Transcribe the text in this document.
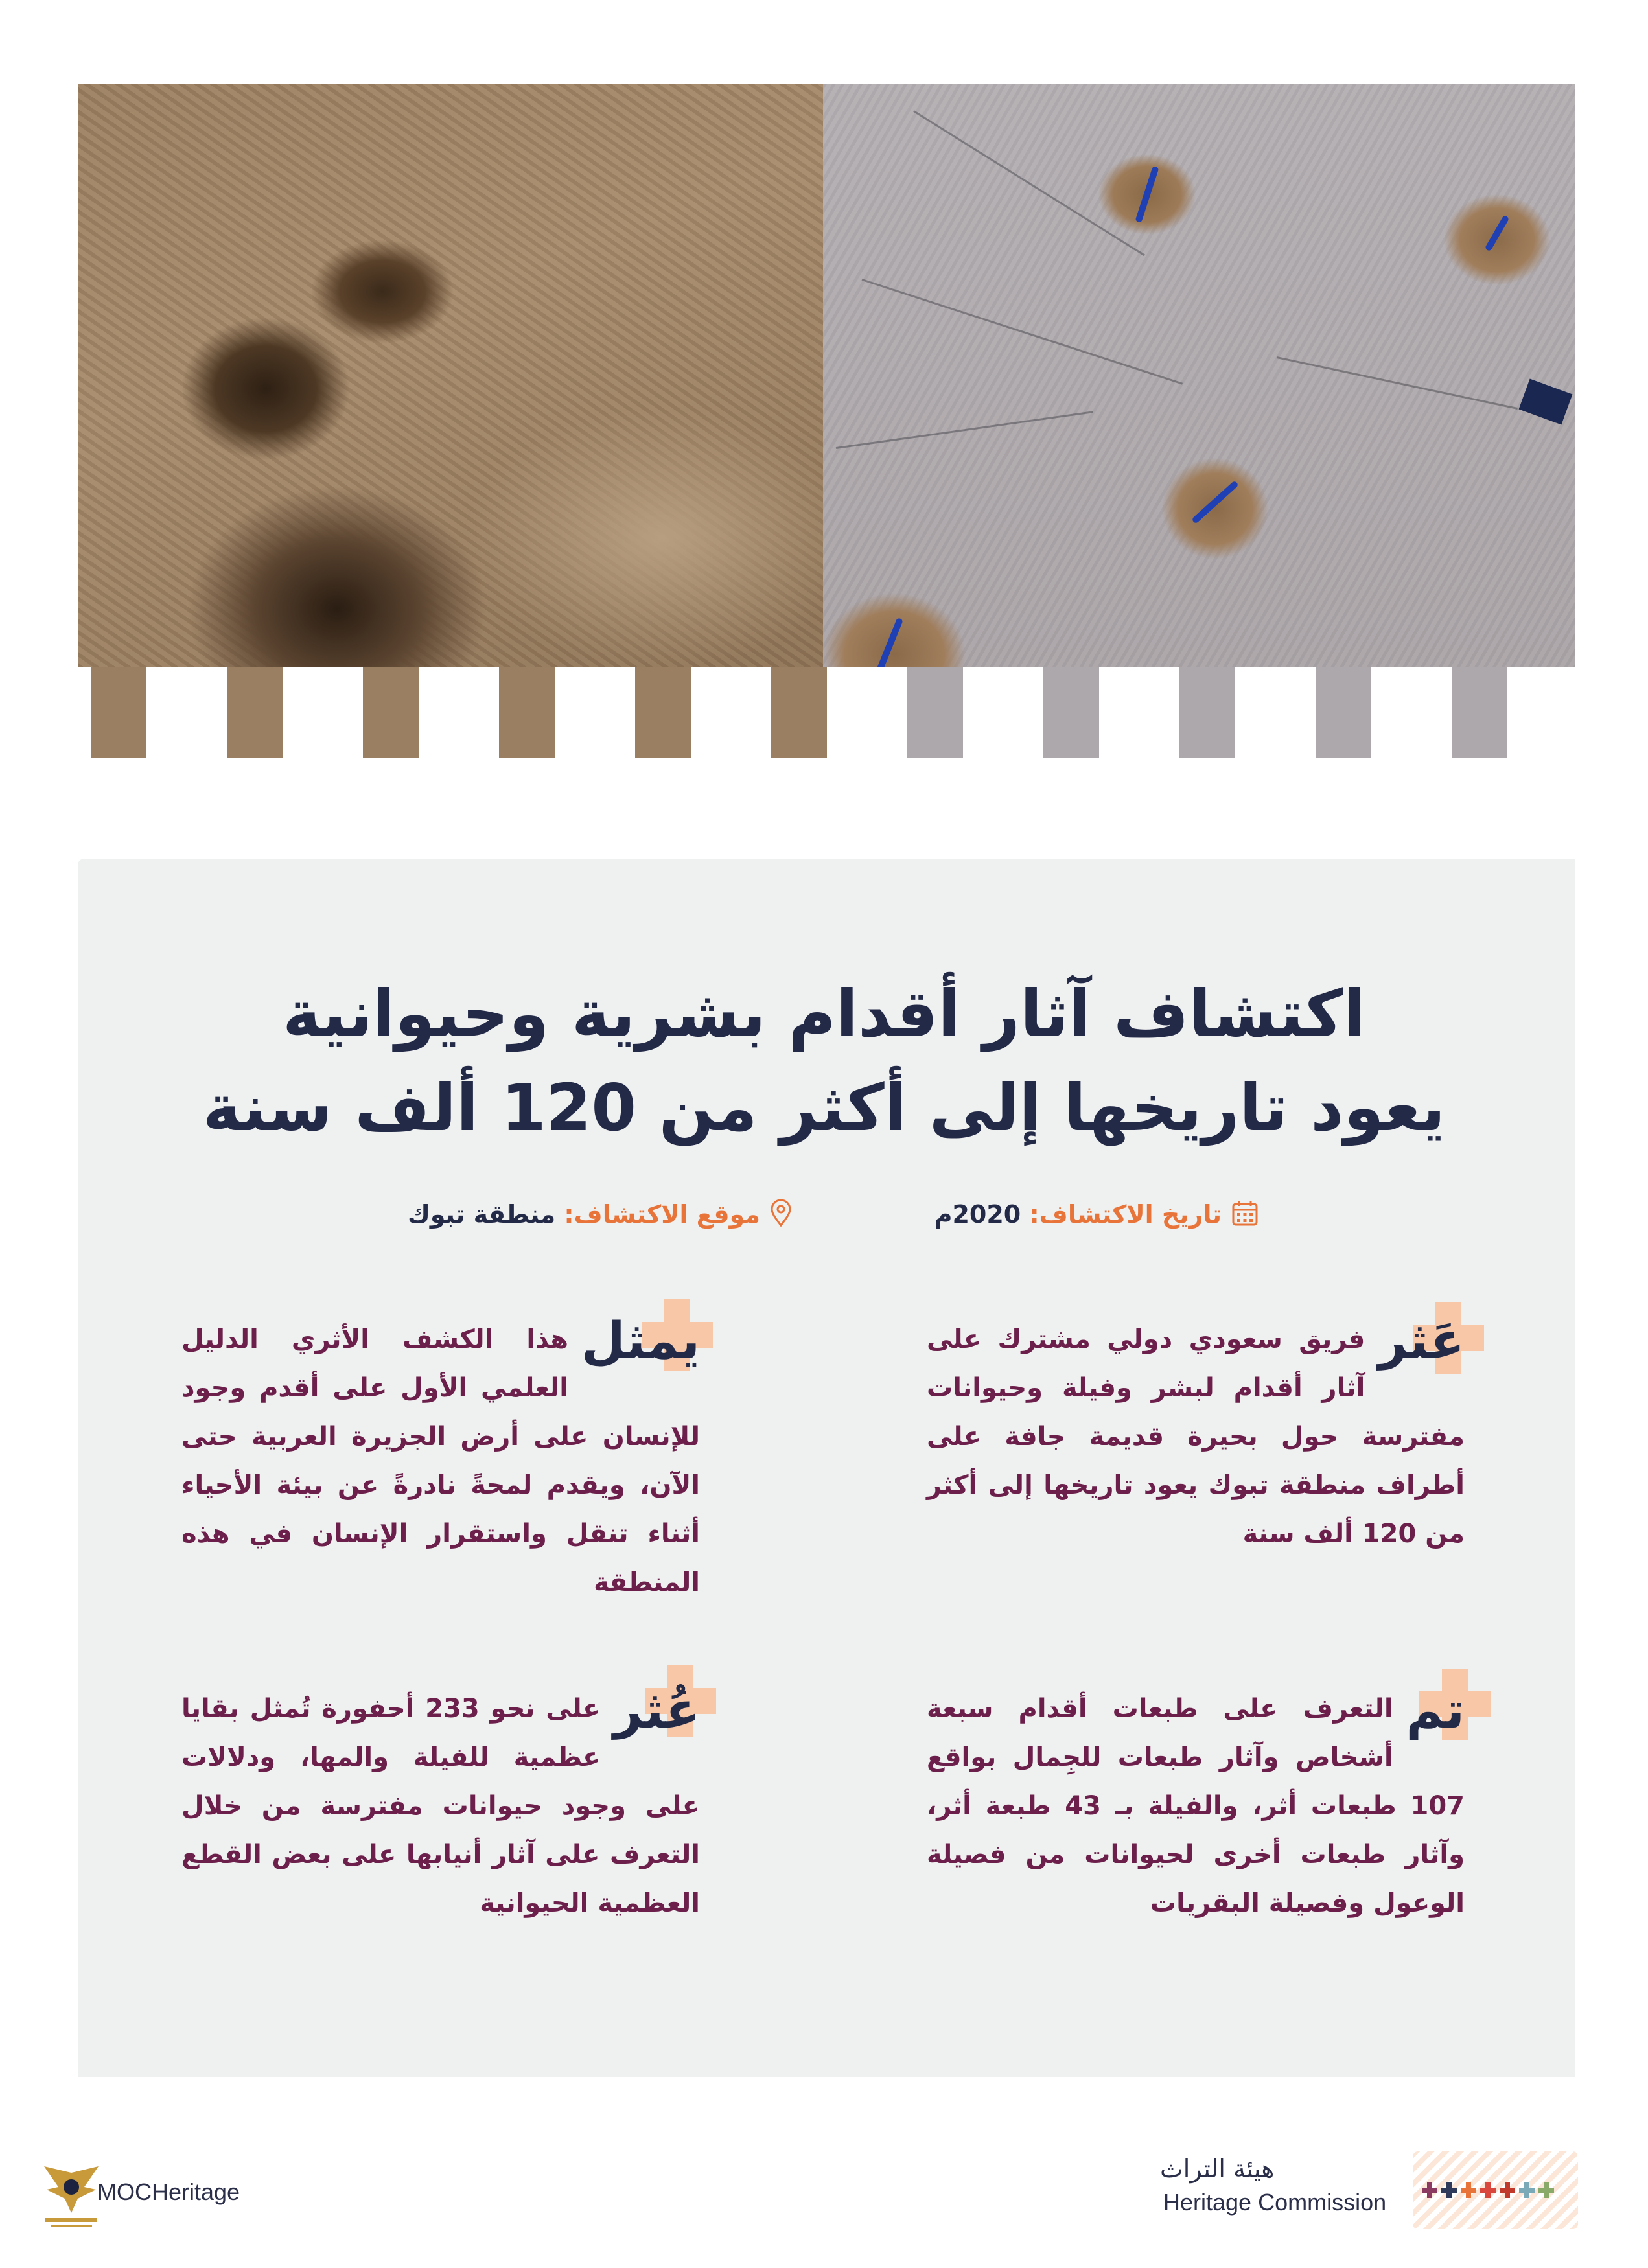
اكتشاف آثار أقدام بشرية وحيوانية
يعود تاريخها إلى أكثر من 120 ألف سنة
تاريخ الاكتشاف: 2020م
موقع الاكتشاف: منطقة تبوك
عَثر
فريق سعودي دولي مشترك على آثار أقدام لبشر وفيلة وحيوانات مفترسة حول بحيرة قديمة جافة على أطراف منطقة تبوك يعود تاريخها إلى أكثر من 120 ألف سنة
يمثل
هذا الكشف الأثري الدليل العلمي الأول على أقدم وجود للإنسان على أرض الجزيرة العربية حتى الآن، ويقدم لمحةً نادرةً عن بيئة الأحياء أثناء تنقل واستقرار الإنسان في هذه المنطقة
تم
التعرف على طبعات أقدام سبعة أشخاص وآثار طبعات للجِمال بواقع 107 طبعات أثر، والفيلة بـ 43 طبعة أثر، وآثار طبعات أخرى لحيوانات من فصيلة الوعول وفصيلة البقريات
عُثر
على نحو 233 أحفورة تُمثل بقايا عظمية للفيلة والمها، ودلالات على وجود حيوانات مفترسة من خلال التعرف على آثار أنيابها على بعض القطع العظمية الحيوانية
MOCHeritage
هيئة التراث
Heritage Commission
